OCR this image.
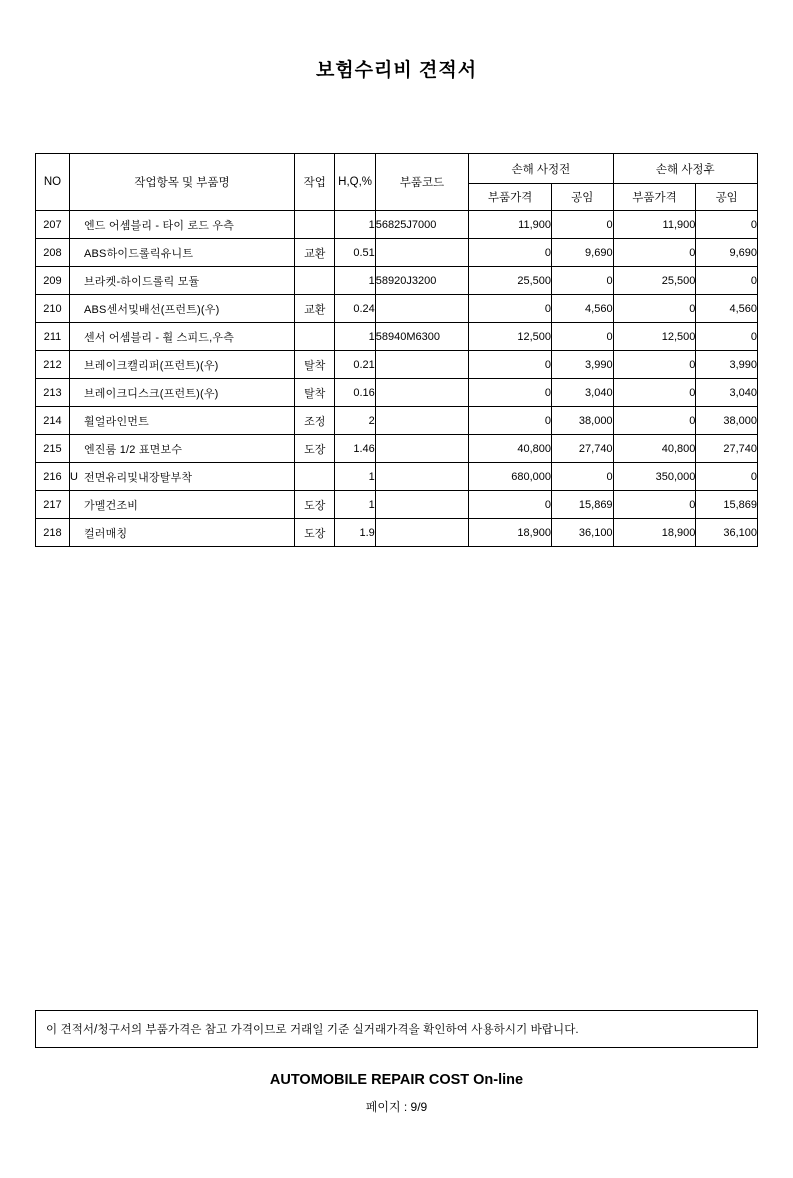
보험수리비 견적서
NO	작업항목 및 부품명	작업	H,Q,%	부품코드	손해 사정전		손해 사정후	
					부품가격	공임	부품가격	공임
207	엔드 어셈블리 - 타이 로드 우측		1	56825J7000	11,900	0	11,900	0
208	ABS하이드롤릭유니트	교환	0.51		0	9,690	0	9,690
209	브라켓-하이드롤릭 모듈		1	58920J3200	25,500	0	25,500	0
210	ABS센서및배선(프런트)(우)	교환	0.24		0	4,560	0	4,560
211	센서 어셈블리 - 휠 스피드,우측		1	58940M6300	12,500	0	12,500	0
212	브레이크캘리퍼(프런트)(우)	탈착	0.21		0	3,990	0	3,990
213	브레이크디스크(프런트)(우)	탈착	0.16		0	3,040	0	3,040
214	휠얼라인먼트	조정	2		0	38,000	0	38,000
215	엔진룸 1/2 표면보수	도장	1.46		40,800	27,740	40,800	27,740
216	U 전면유리및내장탈부착		1		680,000	0	350,000	0
217	가멜건조비	도장	1		0	15,869	0	15,869
218	컬러매칭	도장	1.9		18,900	36,100	18,900	36,100
이 견적서/청구서의 부품가격은 참고 가격이므로 거래일 기준 실거래가격을 확인하여 사용하시기 바랍니다.
AUTOMOBILE REPAIR COST On-line
페이지 : 9/9
